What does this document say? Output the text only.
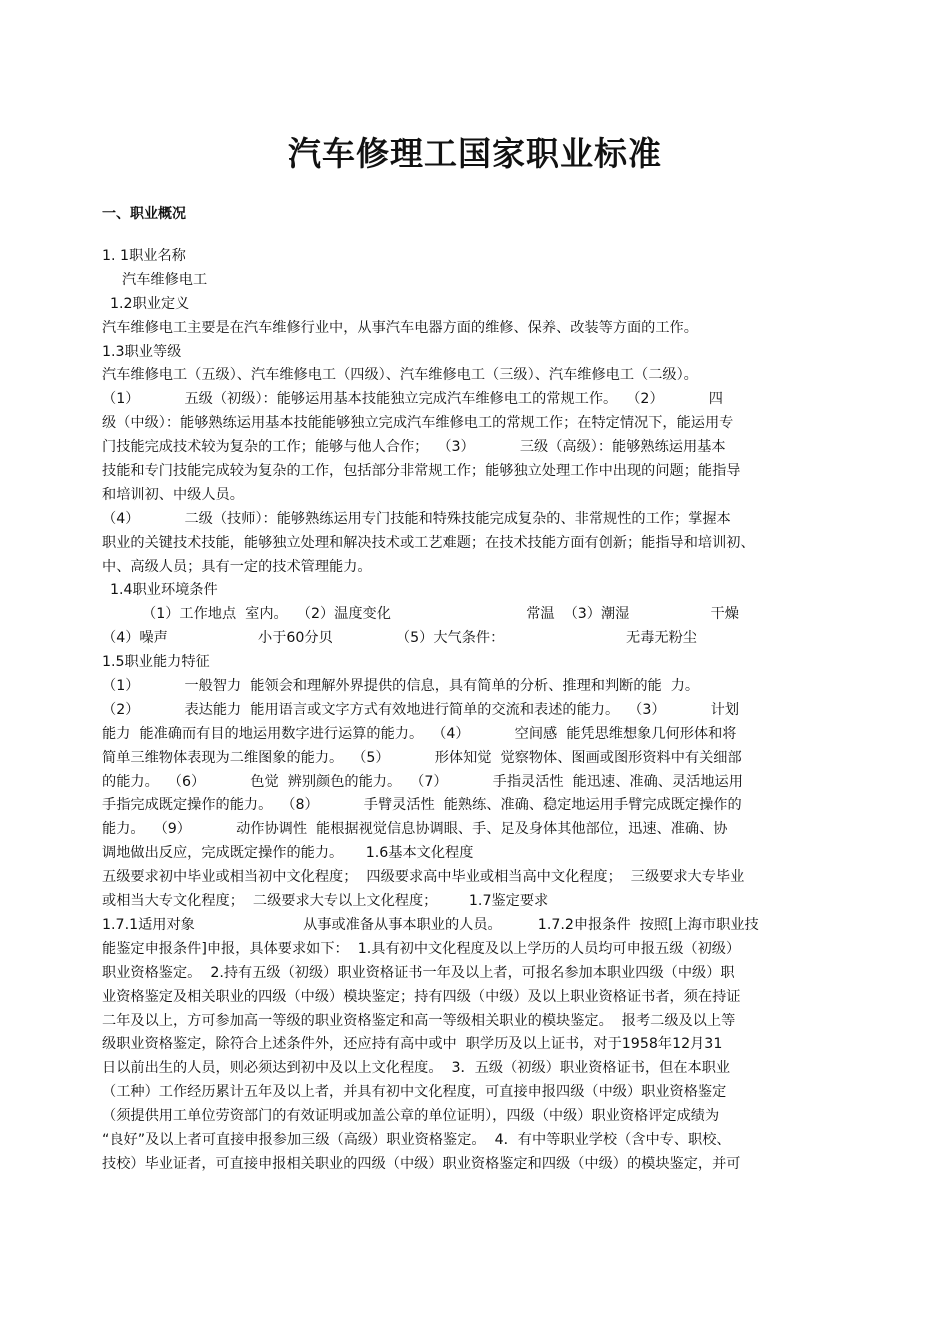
汽车修理工国家职业标准
一、职业概况
1. 1职业名称
汽车维修电工
1.2职业定义
汽车维修电工主要是在汽车维修行业中，从事汽车电器方面的维修、保养、改装等方面的工作。
1.3职业等级
汽车维修电工（五级）、汽车维修电工（四级）、汽车维修电工（三级）、汽车维修电工（二级）。
（1）          五级（初级）：能够运用基本技能独立完成汽车维修电工的常规工作。  （2）          四
级（中级）：能够熟练运用基本技能能够独立完成汽车维修电工的常规工作；在特定情况下，能运用专
门技能完成技术较为复杂的工作；能够与他人合作；  （3）          三级（高级）：能够熟练运用基本
技能和专门技能完成较为复杂的工作，包括部分非常规工作；能够独立处理工作中出现的问题；能指导
和培训初、中级人员。
（4）          二级（技师）：能够熟练运用专门技能和特殊技能完成复杂的、非常规性的工作；掌握本
职业的关键技术技能，能够独立处理和解决技术或工艺难题；在技术技能方面有创新；能指导和培训初、
中、高级人员；具有一定的技术管理能力。
1.4职业环境条件
（1）工作地点  室内。  （2）温度变化                              常温  （3）潮湿                  干燥
（4）噪声                    小于60分贝              （5）大气条件：                           无毒无粉尘
1.5职业能力特征
（1）          一般智力  能领会和理解外界提供的信息，具有简单的分析、推理和判断的能  力。
（2）          表达能力  能用语言或文字方式有效地进行简单的交流和表述的能力。  （3）          计划
能力  能准确而有目的地运用数字进行运算的能力。  （4）          空间感  能凭思维想象几何形体和将
简单三维物体表现为二维图象的能力。  （5）          形体知觉  觉察物体、图画或图形资料中有关细部
的能力。  （6）          色觉  辨别颜色的能力。  （7）          手指灵活性  能迅速、准确、灵活地运用
手指完成既定操作的能力。  （8）          手臂灵活性  能熟练、准确、稳定地运用手臂完成既定操作的
能力。  （9）          动作协调性  能根据视觉信息协调眼、手、足及身体其他部位，迅速、准确、协
调地做出反应，完成既定操作的能力。     1.6基本文化程度
五级要求初中毕业或相当初中文化程度；  四级要求高中毕业或相当高中文化程度；  三级要求大专毕业
或相当大专文化程度；  二级要求大专以上文化程度；       1.7鉴定要求
1.7.1适用对象                        从事或准备从事本职业的人员。        1.7.2申报条件  按照[上海市职业技
能鉴定申报条件]申报，具体要求如下：  1.具有初中文化程度及以上学历的人员均可申报五级（初级）
职业资格鉴定。  2.持有五级（初级）职业资格证书一年及以上者，可报名参加本职业四级（中级）职
业资格鉴定及相关职业的四级（中级）模块鉴定；持有四级（中级）及以上职业资格证书者，须在持证
二年及以上，方可参加高一等级的职业资格鉴定和高一等级相关职业的模块鉴定。  报考二级及以上等
级职业资格鉴定，除符合上述条件外，还应持有高中或中  职学历及以上证书，对于1958年12月31
日以前出生的人员，则必须达到初中及以上文化程度。  3．五级（初级）职业资格证书，但在本职业
（工种）工作经历累计五年及以上者，并具有初中文化程度，可直接申报四级（中级）职业资格鉴定
（须提供用工单位劳资部门的有效证明或加盖公章的单位证明），四级（中级）职业资格评定成绩为
“良好”及以上者可直接申报参加三级（高级）职业资格鉴定。  4．有中等职业学校（含中专、职校、
技校）毕业证者，可直接申报相关职业的四级（中级）职业资格鉴定和四级（中级）的模块鉴定，并可
